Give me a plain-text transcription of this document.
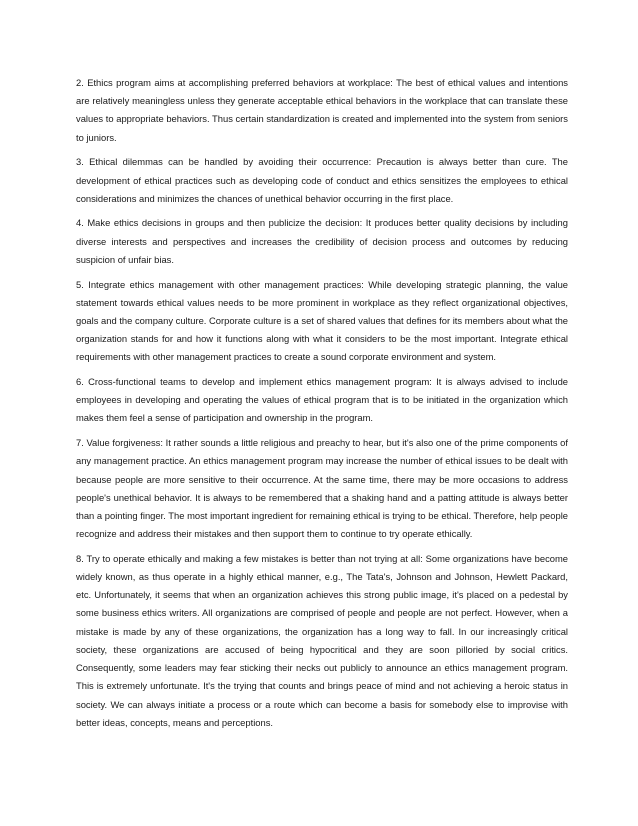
2. Ethics program aims at accomplishing preferred behaviors at workplace: The best of ethical values and intentions are relatively meaningless unless they generate acceptable ethical behaviors in the workplace that can translate these values to appropriate behaviors. Thus certain standardization is created and implemented into the system from seniors to juniors.

3. Ethical dilemmas can be handled by avoiding their occurrence: Precaution is always better than cure. The development of ethical practices such as developing code of conduct and ethics sensitizes the employees to ethical considerations and minimizes the chances of unethical behavior occurring in the first place.

4. Make ethics decisions in groups and then publicize the decision: It produces better quality decisions by including diverse interests and perspectives and increases the credibility of decision process and outcomes by reducing suspicion of unfair bias.

5. Integrate ethics management with other management practices: While developing strategic planning, the value statement towards ethical values needs to be more prominent in workplace as they reflect organizational objectives, goals and the company culture. Corporate culture is a set of shared values that defines for its members about what the organization stands for and how it functions along with what it considers to be the most important. Integrate ethical requirements with other management practices to create a sound corporate environment and system.

6. Cross-functional teams to develop and implement ethics management program: It is always advised to include employees in developing and operating the values of ethical program that is to be initiated in the organization which makes them feel a sense of participation and ownership in the program.

7. Value forgiveness: It rather sounds a little religious and preachy to hear, but it's also one of the prime components of any management practice. An ethics management program may increase the number of ethical issues to be dealt with because people are more sensitive to their occurrence. At the same time, there may be more occasions to address people's unethical behavior. It is always to be remembered that a shaking hand and a patting attitude is always better than a pointing finger. The most important ingredient for remaining ethical is trying to be ethical. Therefore, help people recognize and address their mistakes and then support them to continue to try operate ethically.

8. Try to operate ethically and making a few mistakes is better than not trying at all: Some organizations have become widely known, as thus operate in a highly ethical manner, e.g., The Tata's, Johnson and Johnson, Hewlett Packard, etc. Unfortunately, it seems that when an organization achieves this strong public image, it's placed on a pedestal by some business ethics writers. All organizations are comprised of people and people are not perfect. However, when a mistake is made by any of these organizations, the organization has a long way to fall. In our increasingly critical society, these organizations are accused of being hypocritical and they are soon pilloried by social critics. Consequently, some leaders may fear sticking their necks out publicly to announce an ethics management program. This is extremely unfortunate. It's the trying that counts and brings peace of mind and not achieving a heroic status in society. We can always initiate a process or a route which can become a basis for somebody else to improvise with better ideas, concepts, means and perceptions.
